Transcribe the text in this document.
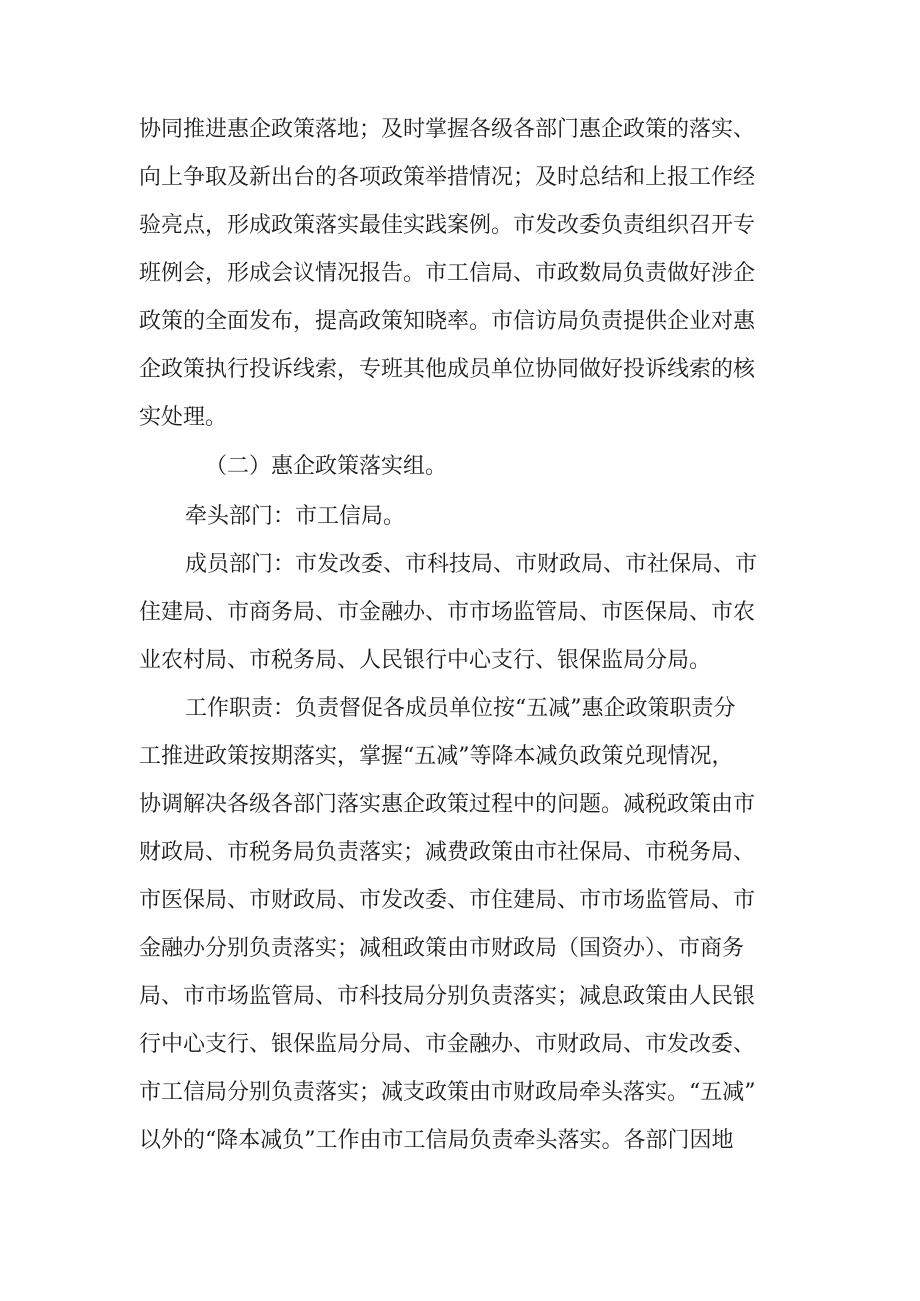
协同推进惠企政策落地；及时掌握各级各部门惠企政策的落实、
向上争取及新出台的各项政策举措情况；及时总结和上报工作经
验亮点，形成政策落实最佳实践案例。市发改委负责组织召开专
班例会，形成会议情况报告。市工信局、市政数局负责做好涉企
政策的全面发布，提高政策知晓率。市信访局负责提供企业对惠
企政策执行投诉线索，专班其他成员单位协同做好投诉线索的核
实处理。
（二）惠企政策落实组。
牵头部门：市工信局。
成员部门：市发改委、市科技局、市财政局、市社保局、市
住建局、市商务局、市金融办、市市场监管局、市医保局、市农
业农村局、市税务局、人民银行中心支行、银保监局分局。
工作职责：负责督促各成员单位按“五减”惠企政策职责分
工推进政策按期落实，掌握“五减”等降本减负政策兑现情况，
协调解决各级各部门落实惠企政策过程中的问题。减税政策由市
财政局、市税务局负责落实；减费政策由市社保局、市税务局、
市医保局、市财政局、市发改委、市住建局、市市场监管局、市
金融办分别负责落实；减租政策由市财政局（国资办）、市商务
局、市市场监管局、市科技局分别负责落实；减息政策由人民银
行中心支行、银保监局分局、市金融办、市财政局、市发改委、
市工信局分别负责落实；减支政策由市财政局牵头落实。“五减”
以外的“降本减负”工作由市工信局负责牵头落实。各部门因地
